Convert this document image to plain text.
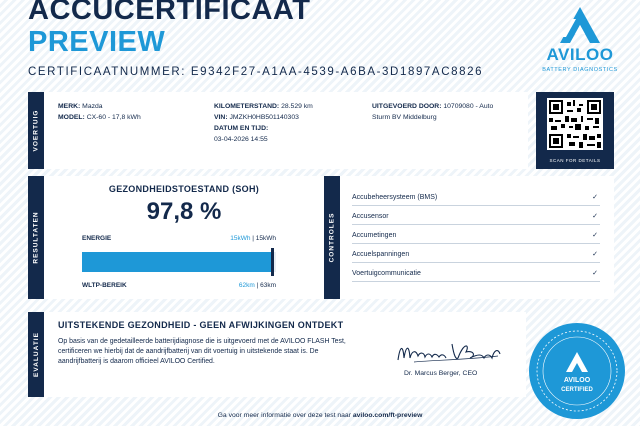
ACCUCERTIFICAAT
PREVIEW
CERTIFICAATNUMMER: E9342F27-A1AA-4539-A6BA-3D1897AC8826
AVILOO
BATTERY DIAGNOSTICS
VOERTUIG
MERK: Mazda
MODEL: CX-60 - 17,8 kWh
KILOMETERSTAND: 28.529 km
VIN: JMZKH0HB501140303
DATUM EN TIJD:
03-04-2026 14:55
UITGEVOERD DOOR: 10709080 - Auto
Sturm BV Middelburg
SCAN FOR DETAILS
RESULTATEN
GEZONDHEIDSTOESTAND (SOH)
97,8 %
ENERGIE	15kWh | 15kWh
WLTP-BEREIK	62km | 63km
CONTROLES
Accubeheersysteem (BMS)	✓
Accusensor	✓
Accumetingen	✓
Accuelspanningen	✓
Voertuigcommunicatie	✓
EVALUATIE
UITSTEKENDE GEZONDHEID - GEEN AFWIJKINGEN ONTDEKT
Op basis van de gedetailleerde batterijdiagnose die is uitgevoerd met de AVILOO FLASH Test, certificeren we hierbij dat de aandrijfbatterij van dit voertuig in uitstekende staat is. De aandrijfbatterij is daarom officieel AVILOO Certified.
Dr. Marcus Berger, CEO
AVILOO
CERTIFIED
Ga voor meer informatie over deze test naar aviloo.com/ft-preview
